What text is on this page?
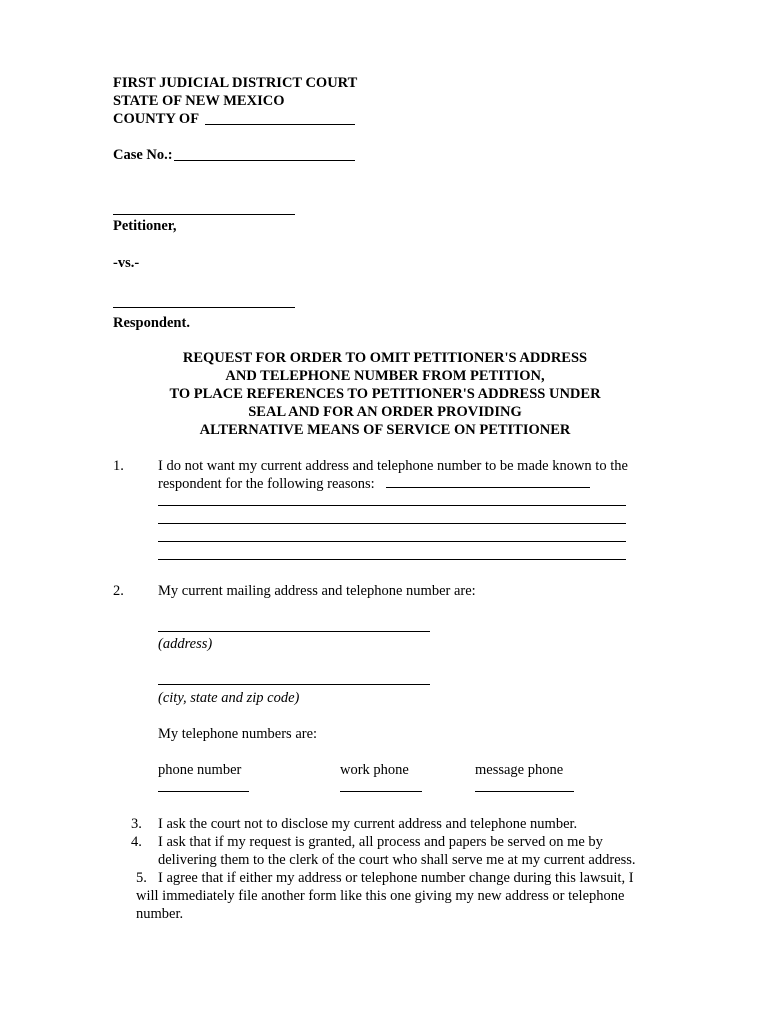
FIRST JUDICIAL DISTRICT COURT
STATE OF NEW MEXICO
COUNTY OF
Case No.:
Petitioner,
-vs.-
Respondent.
REQUEST FOR ORDER TO OMIT PETITIONER'S ADDRESS
AND TELEPHONE NUMBER FROM PETITION,
TO PLACE REFERENCES TO PETITIONER'S ADDRESS UNDER
SEAL AND FOR AN ORDER PROVIDING
ALTERNATIVE MEANS OF SERVICE ON PETITIONER
1. I do not want my current address and telephone number to be made known to the
respondent for the following reasons:
2. My current mailing address and telephone number are:
(address)
(city, state and zip code)
My telephone numbers are:
phone number	work phone	message phone
3. I ask the court not to disclose my current address and telephone number.
4. I ask that if my request is granted, all process and papers be served on me by
delivering them to the clerk of the court who shall serve me at my current address.
5. I agree that if either my address or telephone number change during this lawsuit, I
will immediately file another form like this one giving my new address or telephone
number.
